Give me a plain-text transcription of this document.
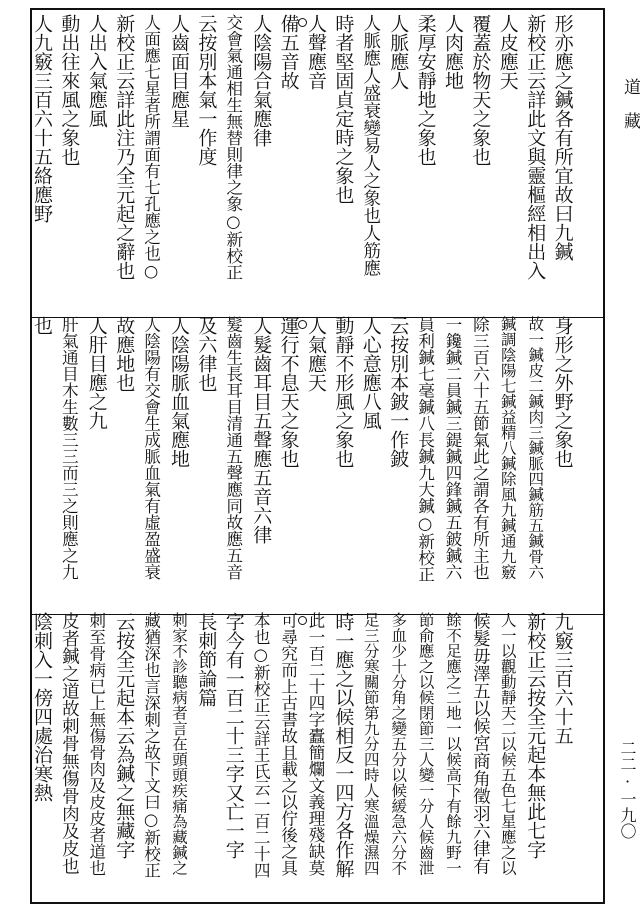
形亦應之鍼各有所宜故曰九鍼
新校正云詳此文與靈樞經相出入
人皮應天
覆蓋於物天之象也
人肉應地
柔厚安靜地之象也
人脈應人
人脈應人盛衰變易人之象也人筋應
時者堅固貞定時之象也
人聲應音
備五音故
人陰陽合氣應律
交會氣通相生無替則律之象○新校正
云按別本氣一作度
人齒面目應星
人面應七星者所謂面有七孔應之也○
新校正云詳此注乃全元起之辭也
人出入氣應風
動出往來風之象也
人九竅三百六十五絡應野
身形之外野之象也
故一鍼皮二鍼肉三鍼脈四鍼筋五鍼骨六
鍼調陰陽七鍼益精八鍼除風九鍼通九竅
除三百六十五節氣此之謂各有所主也
一鑱鍼二員鍼三鍉鍼四鋒鍼五鈹鍼六
員利鍼七毫鍼八長鍼九大鍼○新校正
云按別本鈹一作鈹
人心意應八風
動靜不形風之象也
人氣應天
運行不息天之象也
人髮齒耳目五聲應五音六律
髮齒生長耳目清通五聲應同故應五音
及六律也
人陰陽脈血氣應地
人陰陽有交會生成脈血氣有虛盈盛衰
故應地也
人肝目應之九
肝氣通目木生數三三而三之則應之九
也
九竅三百六十五
新校正云按全元起本無此七字
人一以觀動靜天二以候五色七星應之以
候髮毋澤五以候宮商角徵羽六律有
餘不足應之二地一以候高下有餘九野一
節俞應之以候閉節三人變一分人候齒泄
多血少十分角之變五分以候緩急六分不
足三分寒關節第九分四時人寒溫燥濕四
時一應之以候相反一四方各作解
此一百二十四字蠹簡爛文義理殘缺莫
可尋究而上古書故且載之以佇後之具
本也○新校正云詳王氏云一百二十四
字今有一百二十三字又亡一字
長刺節論篇
刺家不診聽病者言在頭頭疾痛為藏鍼之
藏猶深也言深刺之故下文曰○新校正
云按全元起本云為鍼之無藏字
刺至骨病已上無傷骨肉及皮皮者道也
皮者鍼之道故刺骨無傷骨肉及皮也
陰刺入一傍四處治寒熱
道　藏
二二·一九〇
